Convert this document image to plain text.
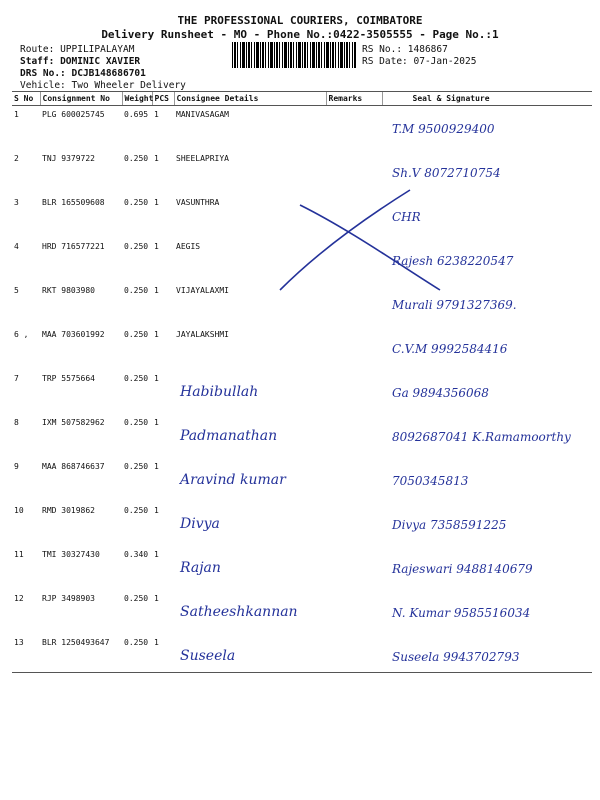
THE PROFESSIONAL COURIERS, COIMBATORE
Delivery Runsheet - MO - Phone No.:0422-3505555 - Page No.:1
Route: UPPILIPALAYAM
Staff: DOMINIC XAVIER
DRS No.: DCJB148686701
Vehicle: Two Wheeler Delivery
RS No.: 1486867
RS Date: 07-Jan-2025
S No	Consignment No	Weight	PCS	Consignee Details	Remarks	Seal & Signature
1	PLG 600025745	0.695	1	MANIVASAGAM		T.M 9500929400

2	TNJ 9379722	0.250	1	SHEELAPRIYA		Sh.V 8072710754

3	BLR 165509608	0.250	1	VASUNTHRA		CHR

4	HRD 716577221	0.250	1	AEGIS		Rajesh 6238220547

5	RKT 9803980	0.250	1	VIJAYALAXMI		Murali 9791327369.

6 ,	MAA 703601992	0.250	1	JAYALAKSHMI		C.V.M 9992584416

7	TRP 5575664	0.250	1	Habibullah		Ga 9894356068

8	IXM 507582962	0.250	1	Padmanathan		8092687041 K.Ramamoorthy

9	MAA 868746637	0.250	1	Aravind kumar		7050345813

10	RMD 3019862	0.250	1	Divya		Divya 7358591225

11	TMI 30327430	0.340	1	Rajan		Rajeswari 9488140679

12	RJP 3498903	0.250	1	Satheeshkannan		N. Kumar 9585516034

13	BLR 1250493647	0.250	1	Suseela		Suseela 9943702793
